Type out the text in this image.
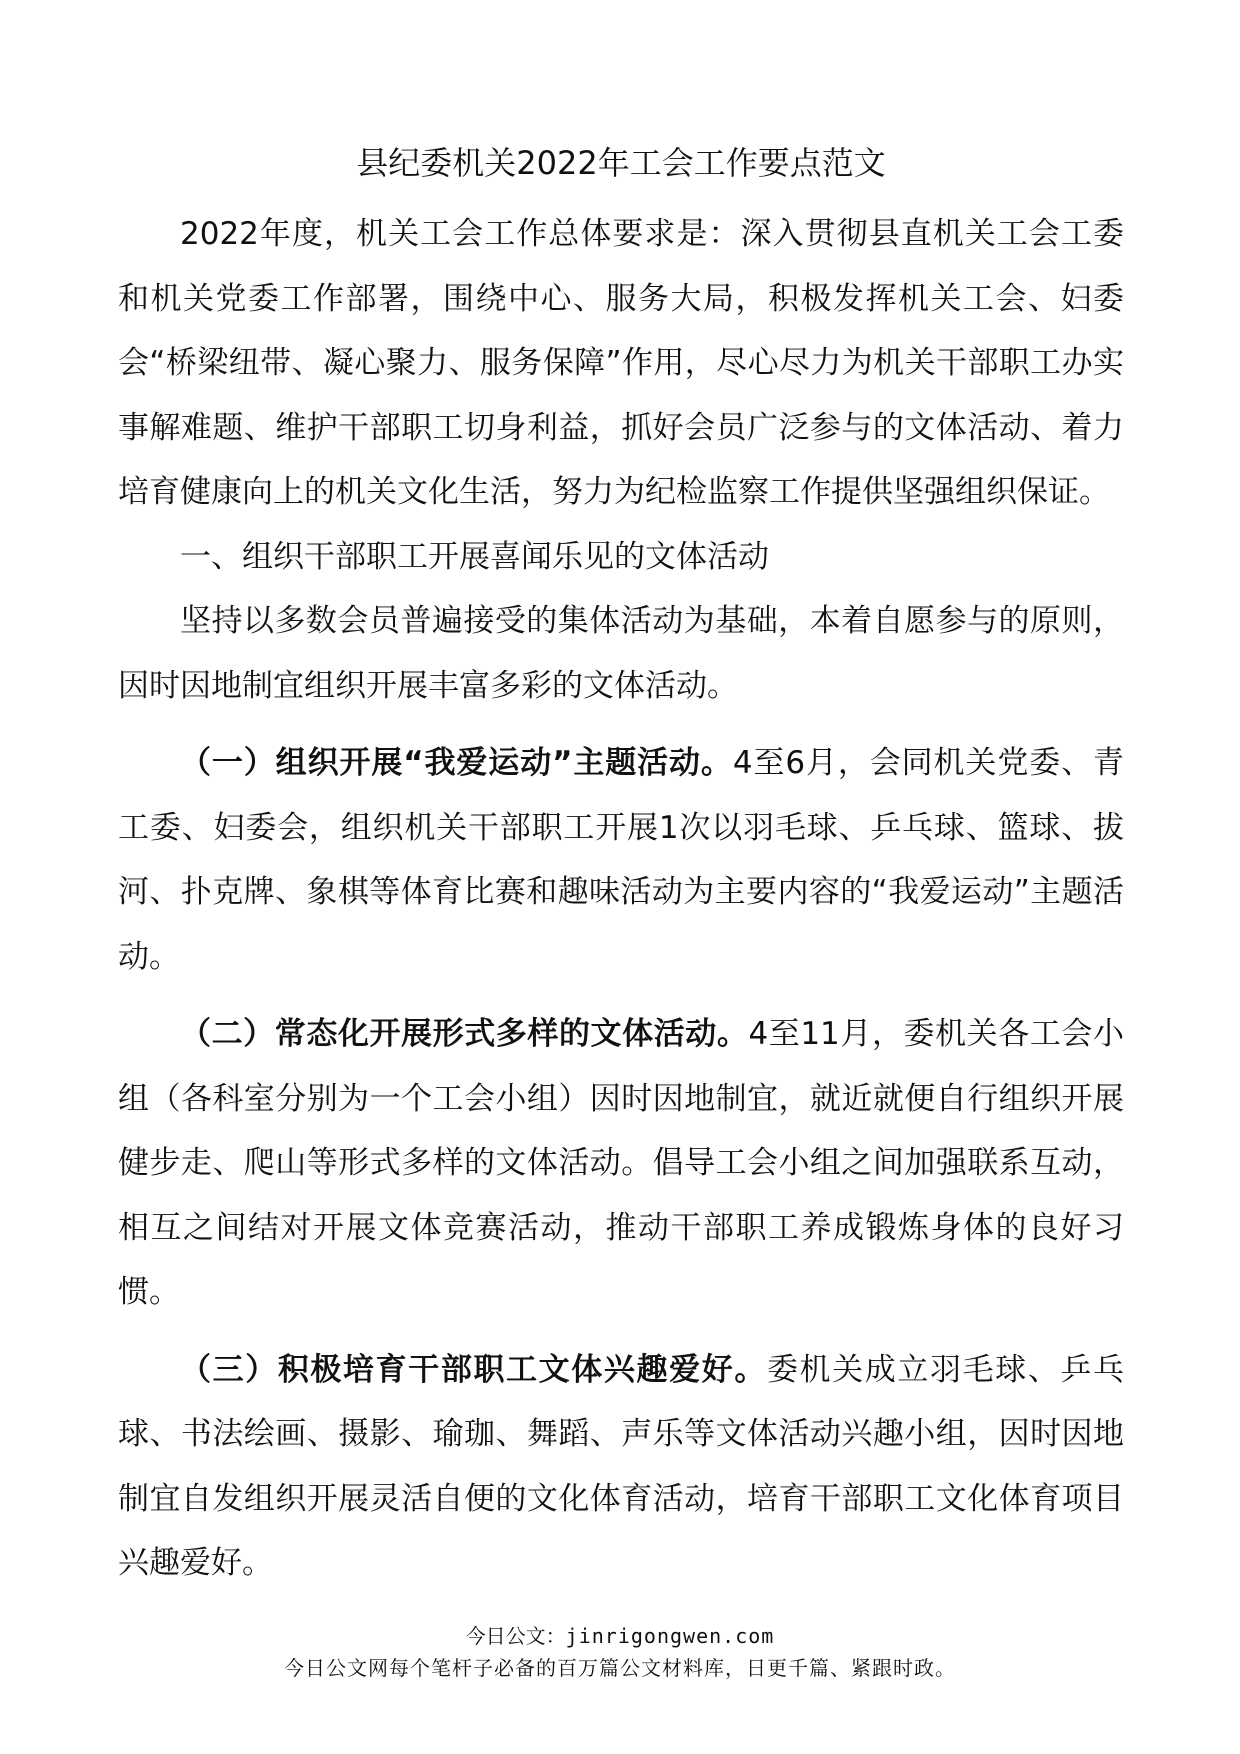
县纪委机关2022年工会工作要点范文

2022年度，机关工会工作总体要求是：深入贯彻县直机关工会工委和机关党委工作部署，围绕中心、服务大局，积极发挥机关工会、妇委会“桥梁纽带、凝心聚力、服务保障”作用，尽心尽力为机关干部职工办实事解难题、维护干部职工切身利益，抓好会员广泛参与的文体活动、着力培育健康向上的机关文化生活，努力为纪检监察工作提供坚强组织保证。

一、组织干部职工开展喜闻乐见的文体活动

坚持以多数会员普遍接受的集体活动为基础，本着自愿参与的原则，因时因地制宜组织开展丰富多彩的文体活动。

（一）组织开展“我爱运动”主题活动。4至6月，会同机关党委、青工委、妇委会，组织机关干部职工开展1次以羽毛球、乒乓球、篮球、拔河、扑克牌、象棋等体育比赛和趣味活动为主要内容的“我爱运动”主题活动。

（二）常态化开展形式多样的文体活动。4至11月，委机关各工会小组（各科室分别为一个工会小组）因时因地制宜，就近就便自行组织开展健步走、爬山等形式多样的文体活动。倡导工会小组之间加强联系互动，相互之间结对开展文体竞赛活动，推动干部职工养成锻炼身体的良好习惯。

（三）积极培育干部职工文体兴趣爱好。委机关成立羽毛球、乒乓球、书法绘画、摄影、瑜珈、舞蹈、声乐等文体活动兴趣小组，因时因地制宜自发组织开展灵活自便的文化体育活动，培育干部职工文化体育项目兴趣爱好。

今日公文：jinrigongwen.com
今日公文网每个笔杆子必备的百万篇公文材料库，日更千篇、紧跟时政。
